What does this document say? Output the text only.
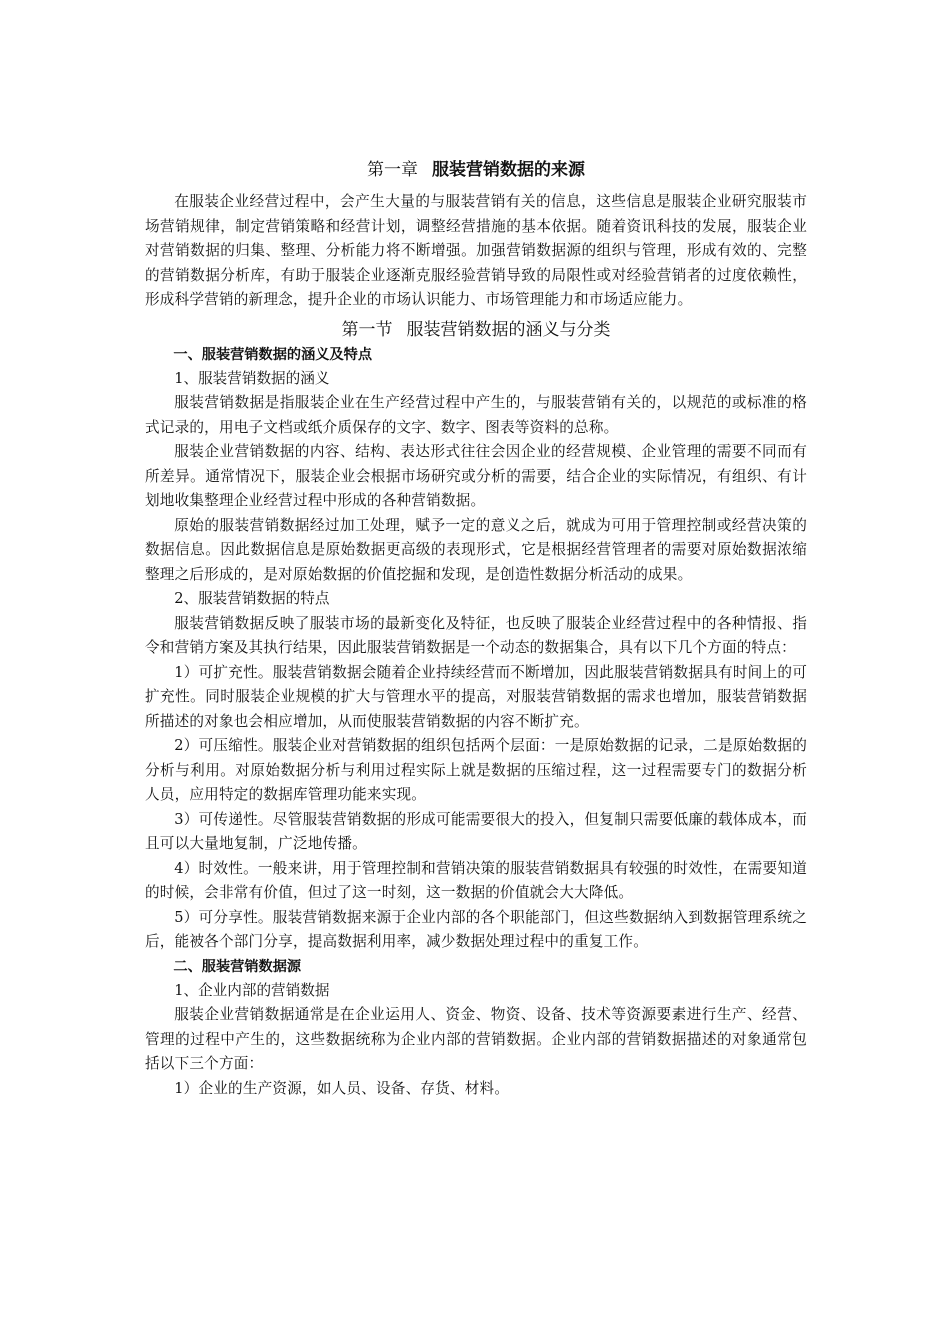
第一章 服装营销数据的来源

在服装企业经营过程中，会产生大量的与服装营销有关的信息，这些信息是服装企业研究服装市场营销规律，制定营销策略和经营计划，调整经营措施的基本依据。随着资讯科技的发展，服装企业对营销数据的归集、整理、分析能力将不断增强。加强营销数据源的组织与管理，形成有效的、完整的营销数据分析库，有助于服装企业逐渐克服经验营销导致的局限性或对经验营销者的过度依赖性，形成科学营销的新理念，提升企业的市场认识能力、市场管理能力和市场适应能力。

第一节 服装营销数据的涵义与分类
一、服装营销数据的涵义及特点
1、服装营销数据的涵义

服装营销数据是指服装企业在生产经营过程中产生的，与服装营销有关的，以规范的或标准的格式记录的，用电子文档或纸介质保存的文字、数字、图表等资料的总称。

服装企业营销数据的内容、结构、表达形式往往会因企业的经营规模、企业管理的需要不同而有所差异。通常情况下，服装企业会根据市场研究或分析的需要，结合企业的实际情况，有组织、有计划地收集整理企业经营过程中形成的各种营销数据。

原始的服装营销数据经过加工处理，赋予一定的意义之后，就成为可用于管理控制或经营决策的数据信息。因此数据信息是原始数据更高级的表现形式，它是根据经营管理者的需要对原始数据浓缩整理之后形成的，是对原始数据的价值挖掘和发现，是创造性数据分析活动的成果。

2、服装营销数据的特点

服装营销数据反映了服装市场的最新变化及特征，也反映了服装企业经营过程中的各种情报、指令和营销方案及其执行结果，因此服装营销数据是一个动态的数据集合，具有以下几个方面的特点：

1）可扩充性。服装营销数据会随着企业持续经营而不断增加，因此服装营销数据具有时间上的可扩充性。同时服装企业规模的扩大与管理水平的提高，对服装营销数据的需求也增加，服装营销数据所描述的对象也会相应增加，从而使服装营销数据的内容不断扩充。

2）可压缩性。服装企业对营销数据的组织包括两个层面：一是原始数据的记录，二是原始数据的分析与利用。对原始数据分析与利用过程实际上就是数据的压缩过程，这一过程需要专门的数据分析人员，应用特定的数据库管理功能来实现。

3）可传递性。尽管服装营销数据的形成可能需要很大的投入，但复制只需要低廉的载体成本，而且可以大量地复制，广泛地传播。

4）时效性。一般来讲，用于管理控制和营销决策的服装营销数据具有较强的时效性，在需要知道的时候，会非常有价值，但过了这一时刻，这一数据的价值就会大大降低。

5）可分享性。服装营销数据来源于企业内部的各个职能部门，但这些数据纳入到数据管理系统之后，能被各个部门分享，提高数据利用率，减少数据处理过程中的重复工作。

二、服装营销数据源
1、企业内部的营销数据

服装企业营销数据通常是在企业运用人、资金、物资、设备、技术等资源要素进行生产、经营、管理的过程中产生的，这些数据统称为企业内部的营销数据。企业内部的营销数据描述的对象通常包括以下三个方面：

1）企业的生产资源，如人员、设备、存货、材料。
